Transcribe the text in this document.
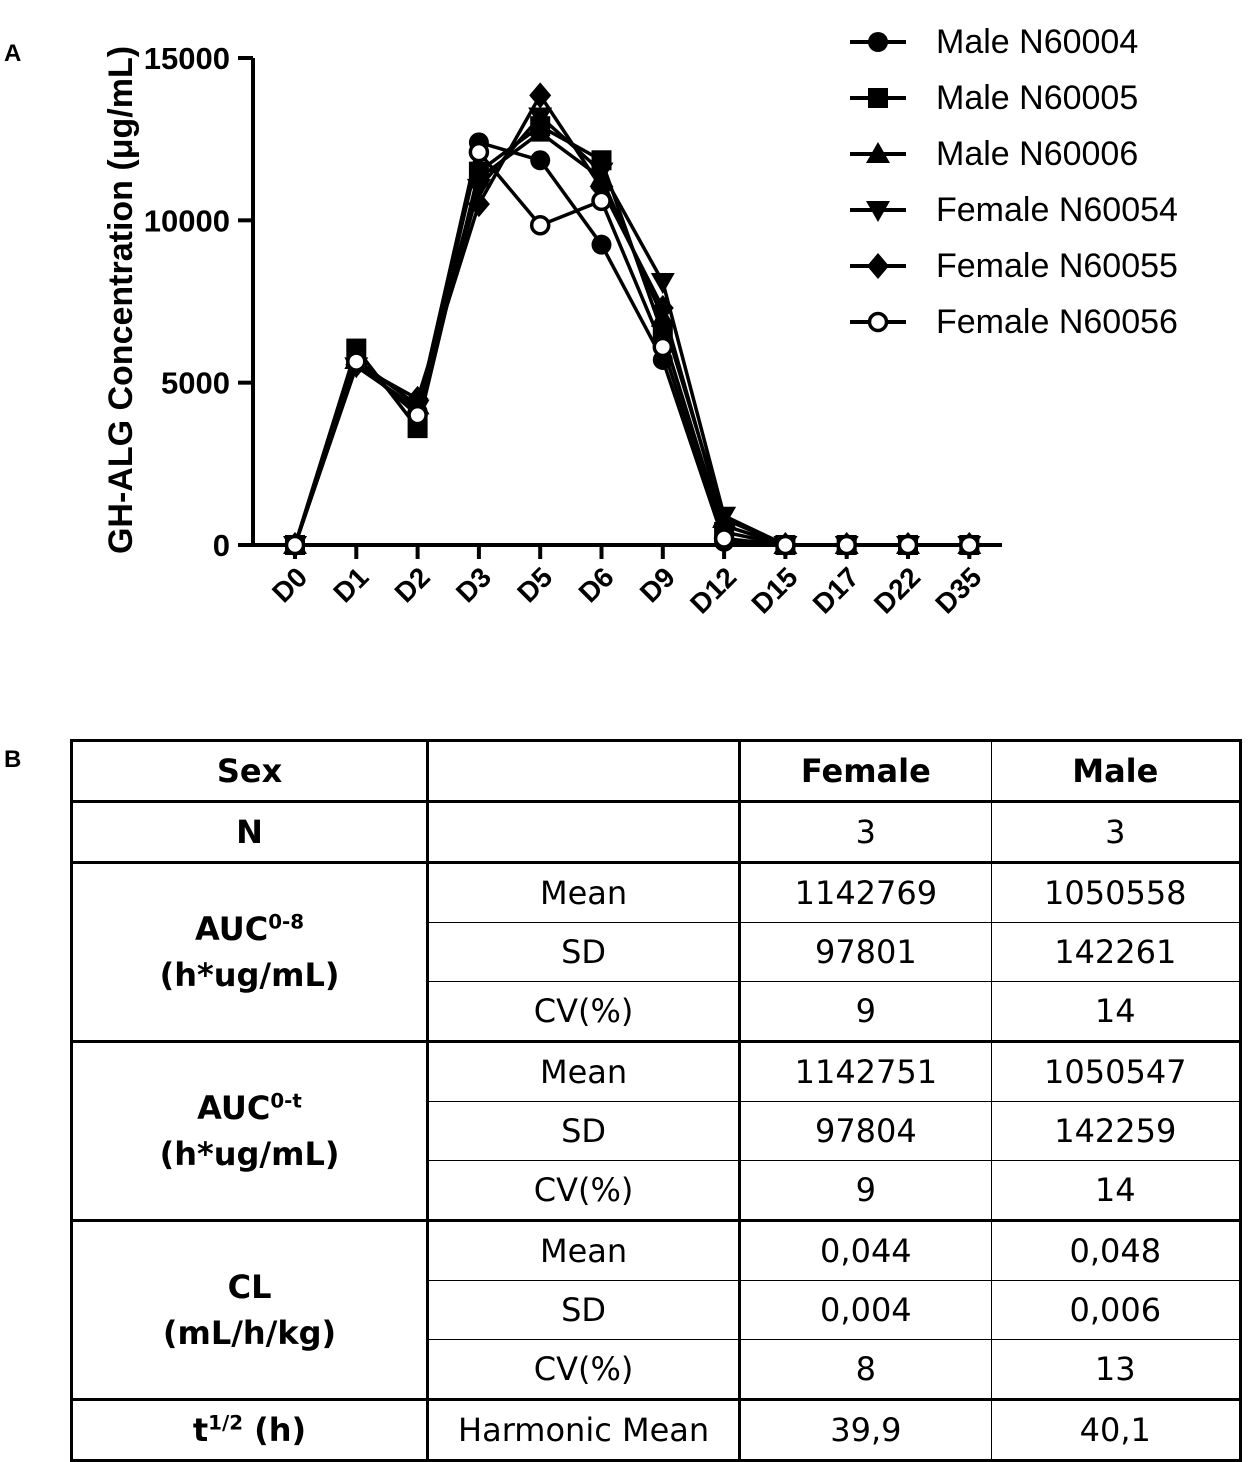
A
B
0
5000
10000
15000
GH-ALG Concentration (μg/mL)
D0 D1 D2 D3 D5 D6 D9 D12 D15 D17 D22 D35
Male N60004
Male N60005
Male N60006
Female N60054
Female N60055
Female N60056
Sex		Female	Male
N		3	3
AUC$^{0-8}$
(h*ug/mL)	Mean	1142769	1050558
	SD	97801	142261
	CV(%)	9	14
AUC$^{0-t}$
(h*ug/mL)	Mean	1142751	1050547
	SD	97804	142259
	CV(%)	9	14
CL
(mL/h/kg)	Mean	0,044	0,048
	SD	0,004	0,006
	CV(%)	8	13
$t^{1/2}$ (h)	Harmonic Mean	39,9	40,1
